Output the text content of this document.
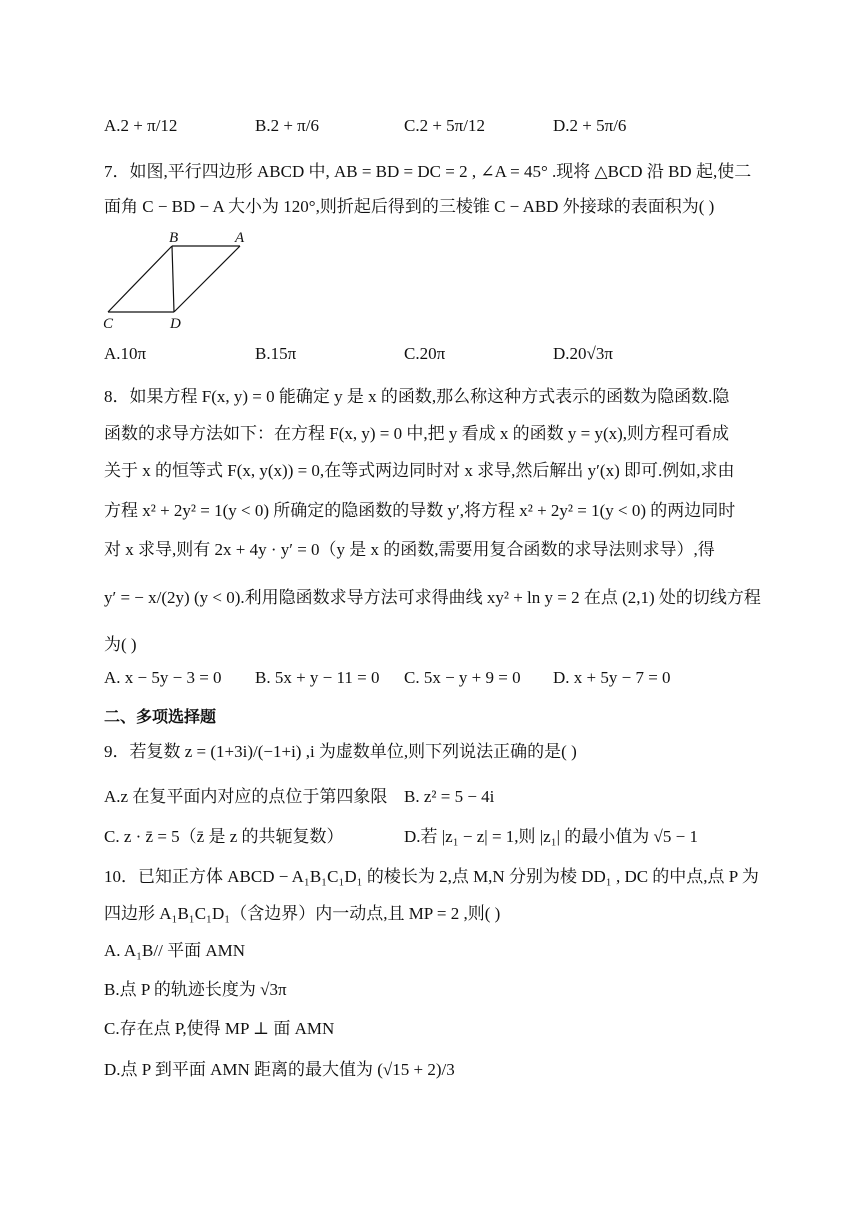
A.2 + π/12	B.2 + π/6	C.2 + 5π/12	D.2 + 5π/6
7．如图,平行四边形 ABCD 中, AB = BD = DC = 2 , ∠A = 45° .现将 △BCD 沿 BD 起,使二
面角 C − BD − A 大小为 120°,则折起后得到的三棱锥 C − ABD 外接球的表面积为( )
B	A
C	D
A.10π	B.15π	C.20π	D.20√3π
8．如果方程 F(x, y) = 0 能确定 y 是 x 的函数,那么称这种方式表示的函数为隐函数.隐
函数的求导方法如下：在方程 F(x, y) = 0 中,把 y 看成 x 的函数 y = y(x),则方程可看成
关于 x 的恒等式 F(x, y(x)) = 0,在等式两边同时对 x 求导,然后解出 y′(x) 即可.例如,求由
方程 x² + 2y² = 1(y < 0) 所确定的隐函数的导数 y′,将方程 x² + 2y² = 1(y < 0) 的两边同时
对 x 求导,则有 2x + 4y · y′ = 0（y 是 x 的函数,需要用复合函数的求导法则求导）,得
y′ = − x/(2y) (y < 0).利用隐函数求导方法可求得曲线 xy² + ln y = 2 在点 (2,1) 处的切线方程
为( )
A. x − 5y − 3 = 0 B. 5x + y − 11 = 0 C. 5x − y + 9 = 0 D. x + 5y − 7 = 0
二、多项选择题
9．若复数 z = (1+3i)/(−1+i) ,i 为虚数单位,则下列说法正确的是( )
A.z 在复平面内对应的点位于第四象限 B. z² = 5 − 4i
C. z · z̄ = 5（z̄ 是 z 的共轭复数）	D.若 |z₁ − z| = 1,则 |z₁| 的最小值为 √5 − 1
10．已知正方体 ABCD − A₁B₁C₁D₁ 的棱长为 2,点 M,N 分别为棱 DD₁ , DC 的中点,点 P 为
四边形 A₁B₁C₁D₁（含边界）内一动点,且 MP = 2 ,则( )
A. A₁B// 平面 AMN
B.点 P 的轨迹长度为 √3π
C.存在点 P,使得 MP ⊥ 面 AMN
D.点 P 到平面 AMN 距离的最大值为 (√15 + 2)/3
